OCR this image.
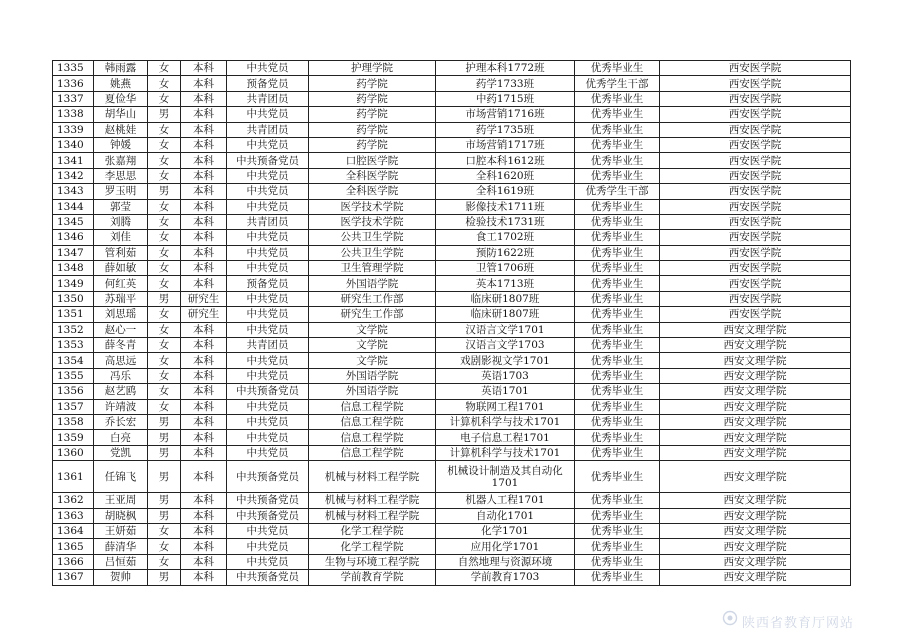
1335	韩雨露	女	本科	中共党员	护理学院	护理本科1772班	优秀毕业生	西安医学院
1336	姚燕	女	本科	预备党员	药学院	药学1733班	优秀学生干部	西安医学院
1337	夏俭华	女	本科	共青团员	药学院	中药1715班	优秀毕业生	西安医学院
1338	胡华山	男	本科	中共党员	药学院	市场营销1716班	优秀毕业生	西安医学院
1339	赵桃娃	女	本科	共青团员	药学院	药学1735班	优秀毕业生	西安医学院
1340	钟媛	女	本科	中共党员	药学院	市场营销1717班	优秀毕业生	西安医学院
1341	张嘉翔	女	本科	中共预备党员	口腔医学院	口腔本科1612班	优秀毕业生	西安医学院
1342	李思思	女	本科	中共党员	全科医学院	全科1620班	优秀毕业生	西安医学院
1343	罗玉明	男	本科	中共党员	全科医学院	全科1619班	优秀学生干部	西安医学院
1344	郭莹	女	本科	中共党员	医学技术学院	影像技术1711班	优秀毕业生	西安医学院
1345	刘腾	女	本科	共青团员	医学技术学院	检验技术1731班	优秀毕业生	西安医学院
1346	刘佳	女	本科	中共党员	公共卫生学院	食工1702班	优秀毕业生	西安医学院
1347	管利茹	女	本科	中共党员	公共卫生学院	预防1622班	优秀毕业生	西安医学院
1348	薛如敏	女	本科	中共党员	卫生管理学院	卫管1706班	优秀毕业生	西安医学院
1349	何红英	女	本科	预备党员	外国语学院	英本1713班	优秀毕业生	西安医学院
1350	苏瑞平	男	研究生	中共党员	研究生工作部	临床研1807班	优秀毕业生	西安医学院
1351	刘思瑶	女	研究生	中共党员	研究生工作部	临床研1807班	优秀毕业生	西安医学院
1352	赵心一	女	本科	中共党员	文学院	汉语言文学1701	优秀毕业生	西安文理学院
1353	薛冬青	女	本科	共青团员	文学院	汉语言文学1703	优秀毕业生	西安文理学院
1354	高思远	女	本科	中共党员	文学院	戏剧影视文学1701	优秀毕业生	西安文理学院
1355	冯乐	女	本科	中共党员	外国语学院	英语1703	优秀毕业生	西安文理学院
1356	赵艺鸥	女	本科	中共预备党员	外国语学院	英语1701	优秀毕业生	西安文理学院
1357	许靖波	女	本科	中共党员	信息工程学院	物联网工程1701	优秀毕业生	西安文理学院
1358	乔长宏	男	本科	中共党员	信息工程学院	计算机科学与技术1701	优秀毕业生	西安文理学院
1359	白亮	男	本科	中共党员	信息工程学院	电子信息工程1701	优秀毕业生	西安文理学院
1360	党凯	男	本科	中共党员	信息工程学院	计算机科学与技术1701	优秀毕业生	西安文理学院
1361	任锦飞	男	本科	中共预备党员	机械与材料工程学院	机械设计制造及其自动化1701	优秀毕业生	西安文理学院
1362	王亚周	男	本科	中共预备党员	机械与材料工程学院	机器人工程1701	优秀毕业生	西安文理学院
1363	胡晓枫	男	本科	中共预备党员	机械与材料工程学院	自动化1701	优秀毕业生	西安文理学院
1364	王妍茹	女	本科	中共党员	化学工程学院	化学1701	优秀毕业生	西安文理学院
1365	薛清华	女	本科	中共党员	化学工程学院	应用化学1701	优秀毕业生	西安文理学院
1366	吕恒茹	女	本科	中共党员	生物与环境工程学院	自然地理与资源环境	优秀毕业生	西安文理学院
1367	贺帅	男	本科	中共预备党员	学前教育学院	学前教育1703	优秀毕业生	西安文理学院
陕西省教育厅网站
